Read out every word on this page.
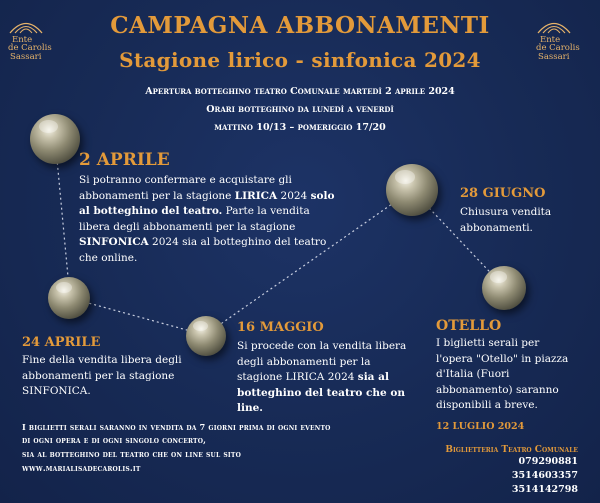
Ente
de Carolis
Sassari
Ente
de Carolis
Sassari
CAMPAGNA ABBONAMENTI
Stagione lirico - sinfonica 2024
Apertura botteghino teatro Comunale martedì 2 aprile 2024
Orari botteghino da lunedì a venerdì
mattino 10/13 – pomeriggio 17/20
2 APRILE
Si potranno confermare e acquistare gli abbonamenti per la stagione LIRICA 2024 solo al botteghino del teatro. Parte la vendita libera degli abbonamenti per la stagione SINFONICA 2024 sia al botteghino del teatro che online.
28 GIUGNO
Chiusura vendita abbonamenti.
24 APRILE
Fine della vendita libera degli abbonamenti per la stagione SINFONICA.
16 MAGGIO
Si procede con la vendita libera degli abbonamenti per la stagione LIRICA 2024 sia al botteghino del teatro che on line.
OTELLO
I biglietti serali per l'opera "Otello" in piazza d'Italia (Fuori abbonamento) saranno disponibili a breve.
12 LUGLIO 2024
I biglietti serali saranno in vendita da 7 giorni prima di ogni evento
di ogni opera e di ogni singolo concerto,
sia al botteghino del teatro che on line sul sito
www.marialisadecarolis.it
Biglietteria Teatro Comunale
079290881
3514603357
3514142798
